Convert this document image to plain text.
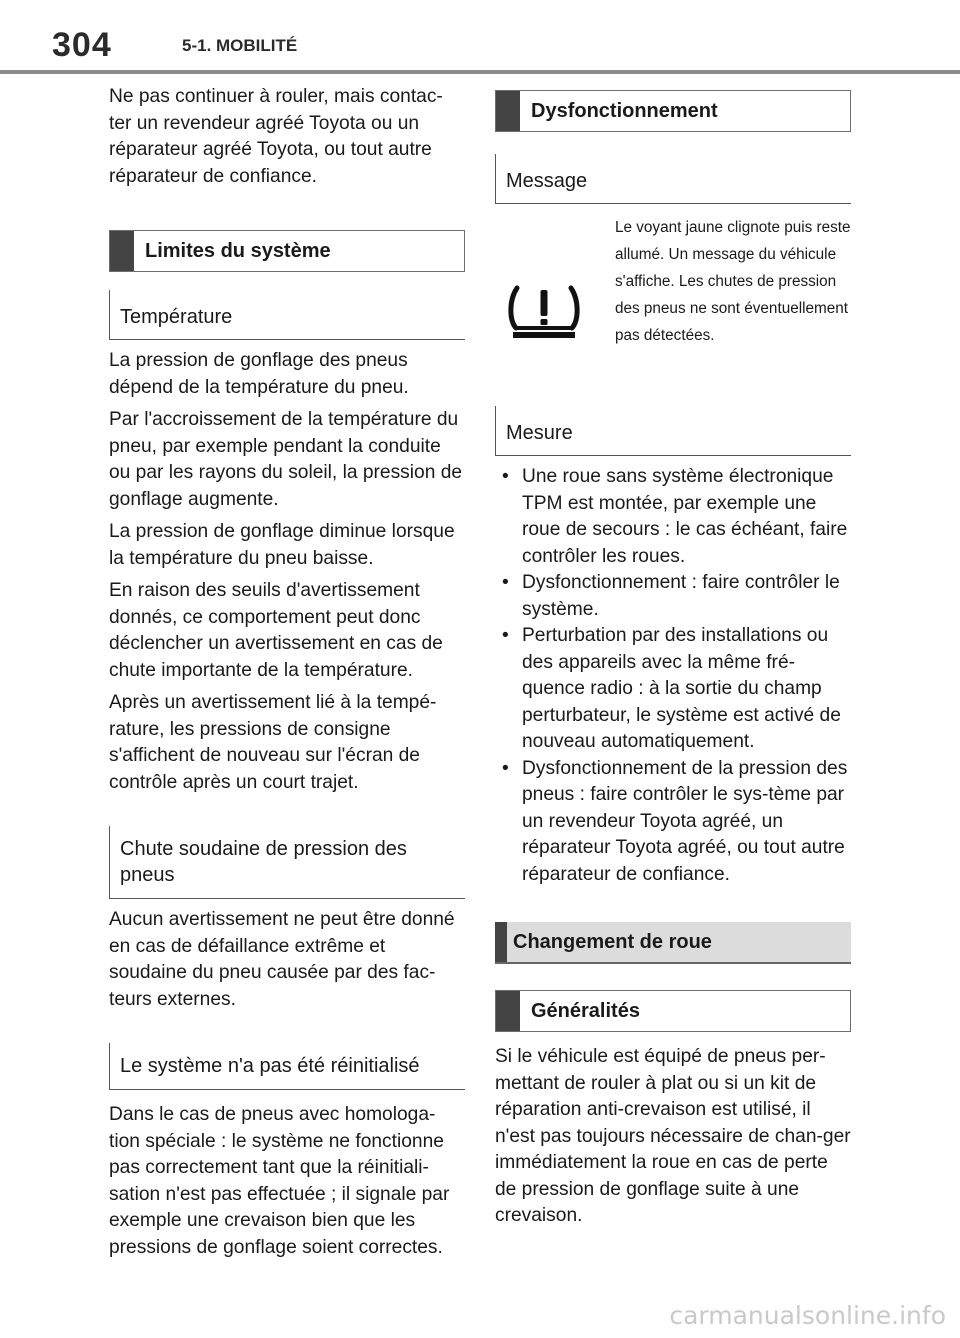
304	5-1. MOBILITÉ

Ne pas continuer à rouler, mais contac-ter un revendeur agréé Toyota ou un réparateur agréé Toyota, ou tout autre réparateur de confiance.

Limites du système
Température

La pression de gonflage des pneus dépend de la température du pneu.

Par l'accroissement de la température du pneu, par exemple pendant la conduite ou par les rayons du soleil, la pression de gonflage augmente.

La pression de gonflage diminue lorsque la température du pneu baisse.

En raison des seuils d'avertissement donnés, ce comportement peut donc déclencher un avertissement en cas de chute importante de la température.

Après un avertissement lié à la tempé-rature, les pressions de consigne s'affichent de nouveau sur l'écran de contrôle après un court trajet.

Chute soudaine de pression des pneus

Aucun avertissement ne peut être donné en cas de défaillance extrême et soudaine du pneu causée par des fac-teurs externes.

Le système n'a pas été réinitialisé

Dans le cas de pneus avec homologa-tion spéciale : le système ne fonctionne pas correctement tant que la réinitiali-sation n'est pas effectuée ; il signale par exemple une crevaison bien que les pressions de gonflage soient correctes.

Dysfonctionnement
Message
Le voyant jaune clignote puis reste allumé. Un message du véhicule s'affiche. Les chutes de pression des pneus ne sont éventuellement pas détectées.
Mesure
• Une roue sans système électronique TPM est montée, par exemple une roue de secours : le cas échéant, faire contrôler les roues.
• Dysfonctionnement : faire contrôler le système.
• Perturbation par des installations ou des appareils avec la même fré-quence radio : à la sortie du champ perturbateur, le système est activé de nouveau automatiquement.
• Dysfonctionnement de la pression des pneus : faire contrôler le sys-tème par un revendeur Toyota agréé, un réparateur Toyota agréé, ou tout autre réparateur de confiance.
Changement de roue
Généralités

Si le véhicule est équipé de pneus per-mettant de rouler à plat ou si un kit de réparation anti-crevaison est utilisé, il n'est pas toujours nécessaire de chan-ger immédiatement la roue en cas de perte de pression de gonflage suite à une crevaison.

carmanualsonline.info
